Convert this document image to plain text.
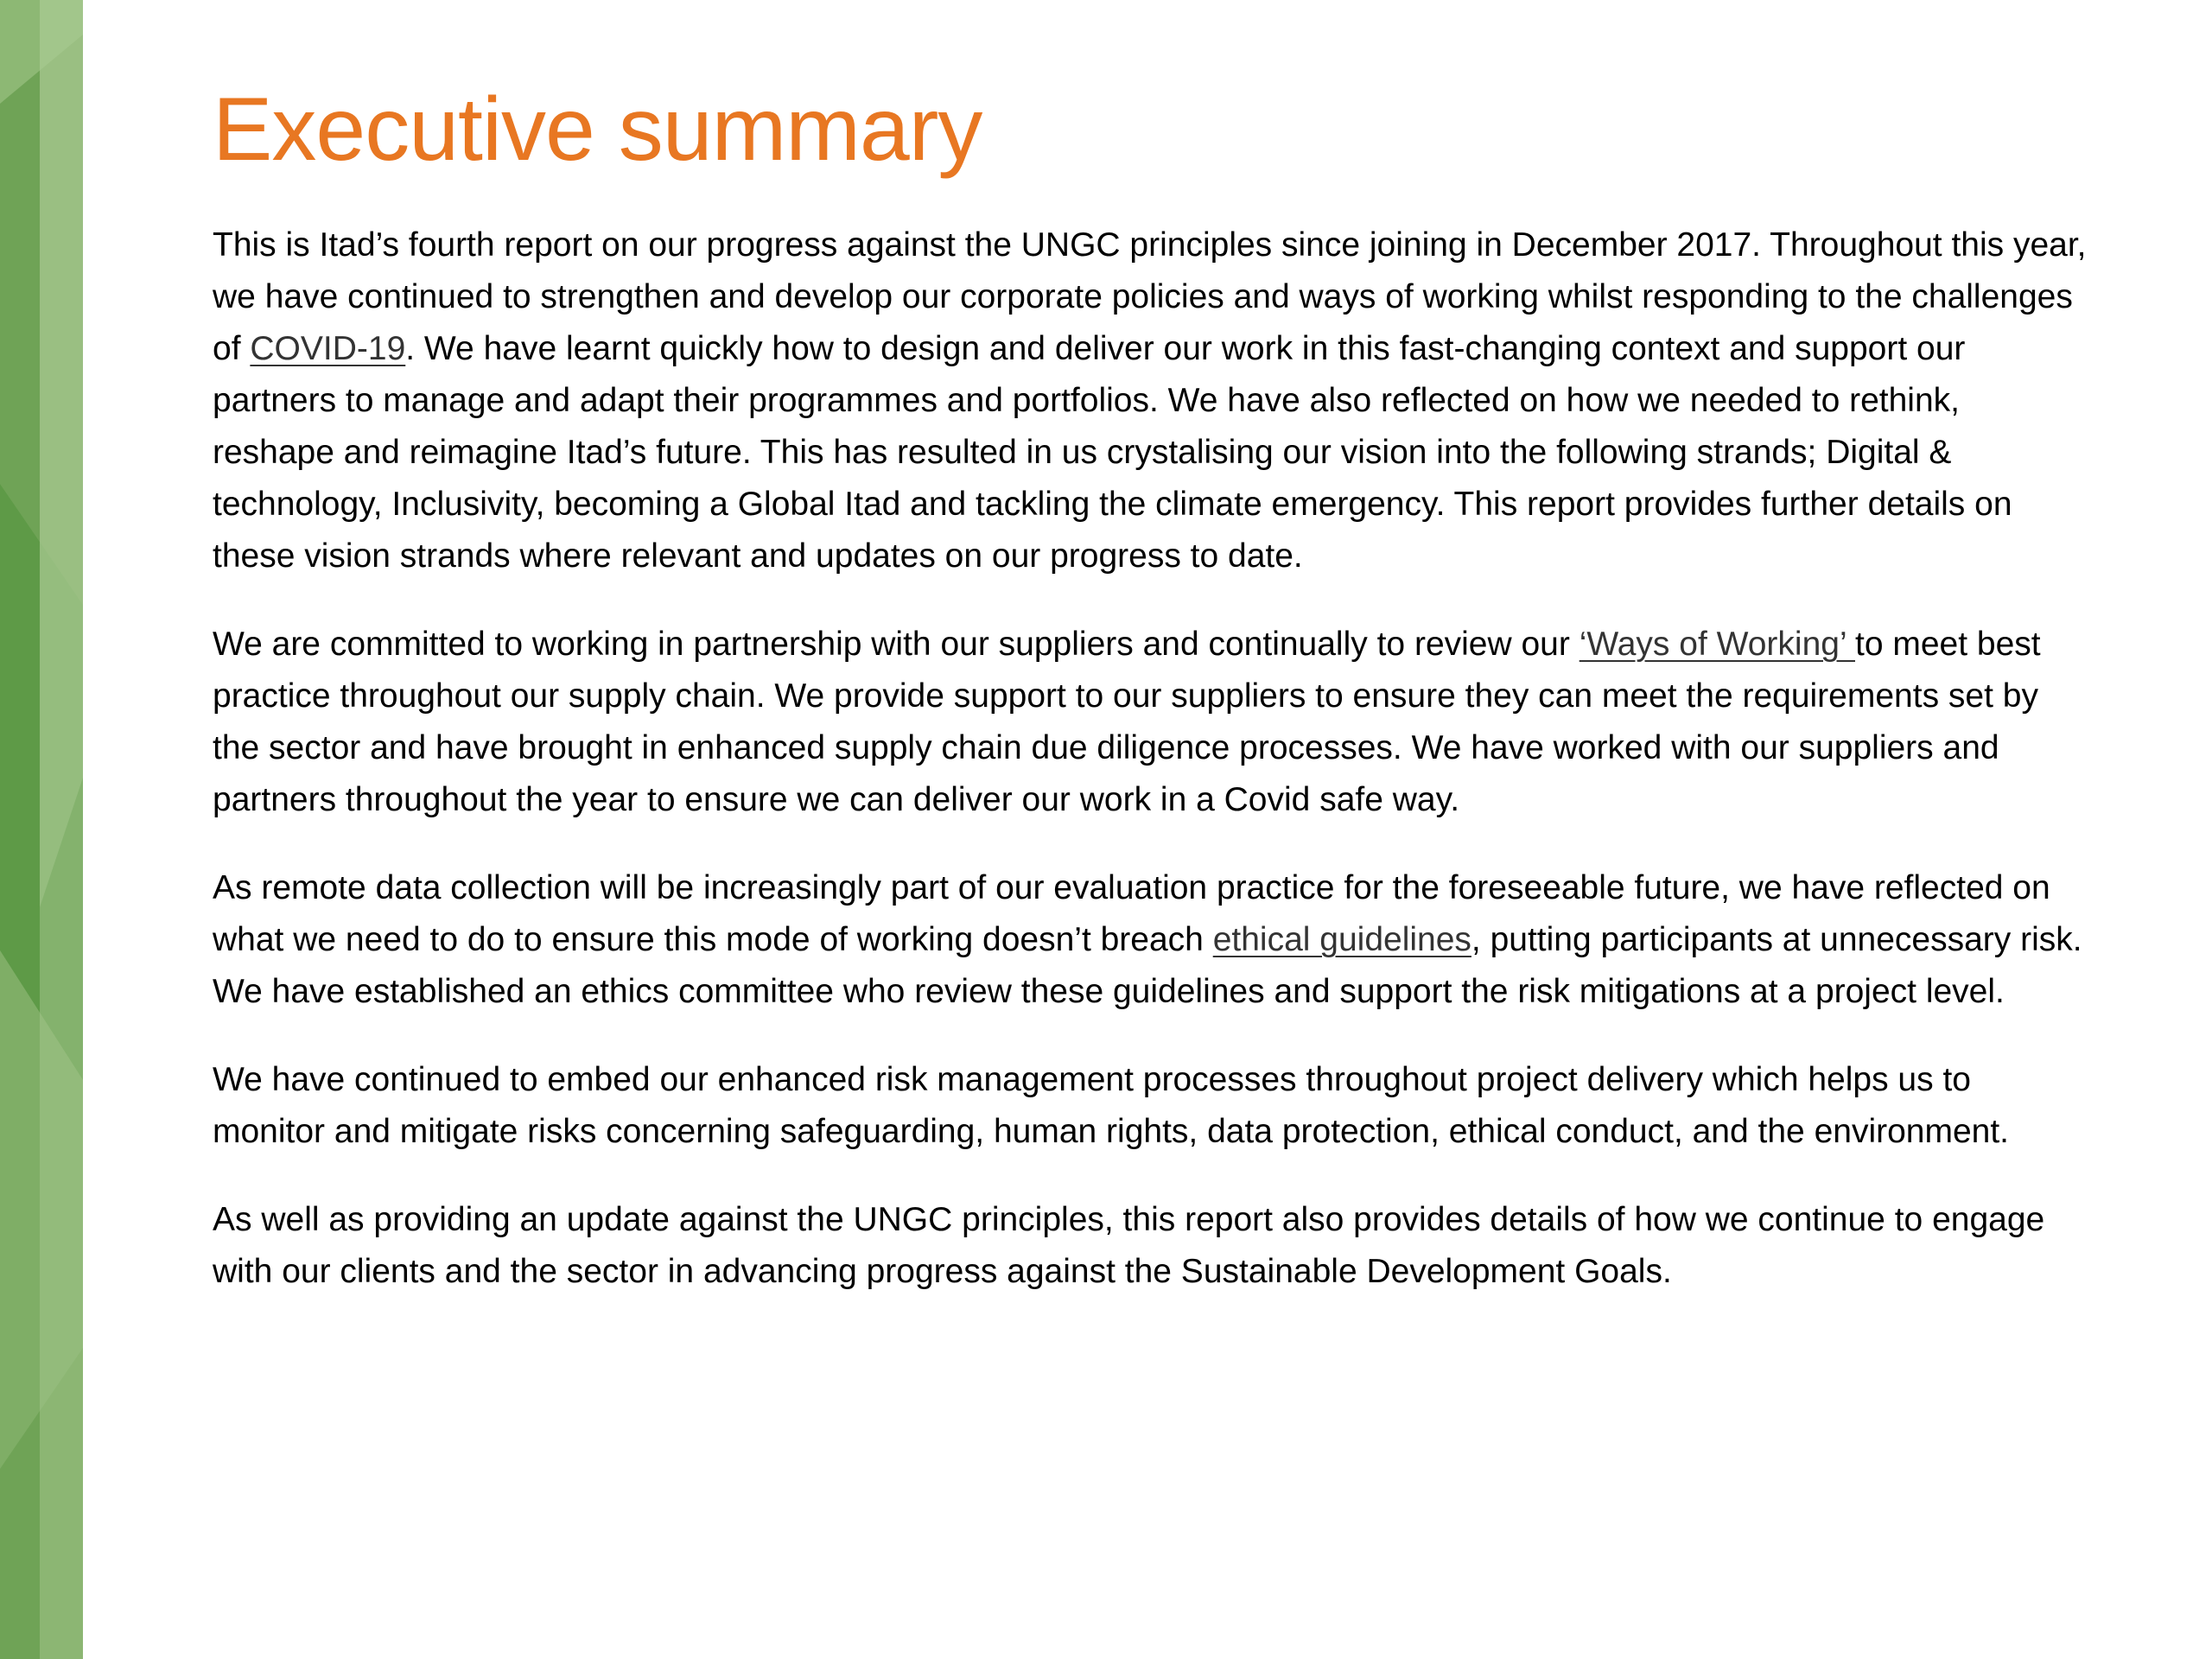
Executive summary

This is Itad’s fourth report on our progress against the UNGC principles since joining in December 2017. Throughout this year, we have continued to strengthen and develop our corporate policies and ways of working whilst responding to the challenges of COVID-19. We have learnt quickly how to design and deliver our work in this fast-changing context and support our partners to manage and adapt their programmes and portfolios. We have also reflected on how we needed to rethink, reshape and reimagine Itad’s future. This has resulted in us crystalising our vision into the following strands; Digital & technology, Inclusivity, becoming a Global Itad and tackling the climate emergency. This report provides further details on these vision strands where relevant and updates on our progress to date.

We are committed to working in partnership with our suppliers and continually to review our ‘Ways of Working’ to meet best practice throughout our supply chain. We provide support to our suppliers to ensure they can meet the requirements set by the sector and have brought in enhanced supply chain due diligence processes. We have worked with our suppliers and partners throughout the year to ensure we can deliver our work in a Covid safe way.

As remote data collection will be increasingly part of our evaluation practice for the foreseeable future, we have reflected on what we need to do to ensure this mode of working doesn’t breach ethical guidelines, putting participants at unnecessary risk. We have established an ethics committee who review these guidelines and support the risk mitigations at a project level.

We have continued to embed our enhanced risk management processes throughout project delivery which helps us to monitor and mitigate risks concerning safeguarding, human rights, data protection, ethical conduct, and the environment.

As well as providing an update against the UNGC principles, this report also provides details of how we continue to engage with our clients and the sector in advancing progress against the Sustainable Development Goals.
